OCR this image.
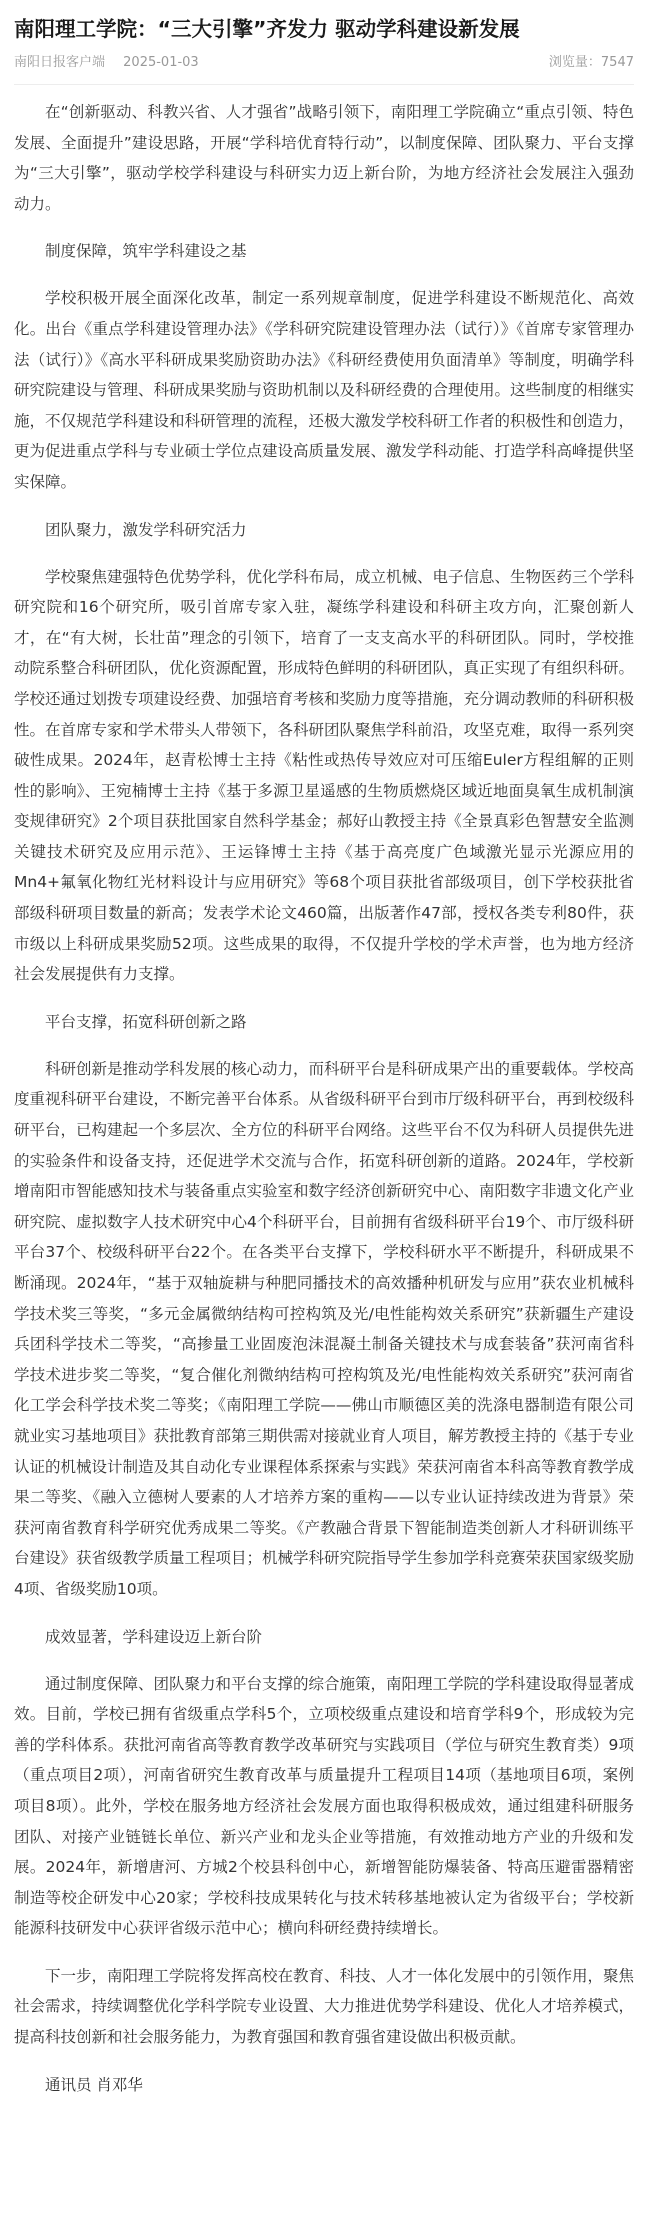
南阳理工学院：“三大引擎”齐发力 驱动学科建设新发展
南阳日报客户端 2025-01-03	浏览量：7547

在“创新驱动、科教兴省、人才强省”战略引领下，南阳理工学院确立“重点引领、特色发展、全面提升”建设思路，开展“学科培优育特行动”，以制度保障、团队聚力、平台支撑为“三大引擎”，驱动学校学科建设与科研实力迈上新台阶，为地方经济社会发展注入强劲动力。

制度保障，筑牢学科建设之基

学校积极开展全面深化改革，制定一系列规章制度，促进学科建设不断规范化、高效化。出台《重点学科建设管理办法》《学科研究院建设管理办法（试行）》《首席专家管理办法（试行）》《高水平科研成果奖励资助办法》《科研经费使用负面清单》等制度，明确学科研究院建设与管理、科研成果奖励与资助机制以及科研经费的合理使用。这些制度的相继实施，不仅规范学科建设和科研管理的流程，还极大激发学校科研工作者的积极性和创造力，更为促进重点学科与专业硕士学位点建设高质量发展、激发学科动能、打造学科高峰提供坚实保障。

团队聚力，激发学科研究活力

学校聚焦建强特色优势学科，优化学科布局，成立机械、电子信息、生物医药三个学科研究院和16个研究所，吸引首席专家入驻，凝练学科建设和科研主攻方向，汇聚创新人才，在“有大树，长壮苗”理念的引领下，培育了一支支高水平的科研团队。同时，学校推动院系整合科研团队，优化资源配置，形成特色鲜明的科研团队，真正实现了有组织科研。学校还通过划拨专项建设经费、加强培育考核和奖励力度等措施，充分调动教师的科研积极性。在首席专家和学术带头人带领下，各科研团队聚焦学科前沿，攻坚克难，取得一系列突破性成果。2024年，赵青松博士主持《粘性或热传导效应对可压缩Euler方程组解的正则性的影响》、王宛楠博士主持《基于多源卫星遥感的生物质燃烧区域近地面臭氧生成机制演变规律研究》2个项目获批国家自然科学基金；郝好山教授主持《全景真彩色智慧安全监测关键技术研究及应用示范》、王运锋博士主持《基于高亮度广色域激光显示光源应用的Mn4+氟氧化物红光材料设计与应用研究》等68个项目获批省部级项目，创下学校获批省部级科研项目数量的新高；发表学术论文460篇，出版著作47部，授权各类专利80件，获市级以上科研成果奖励52项。这些成果的取得，不仅提升学校的学术声誉，也为地方经济社会发展提供有力支撑。

平台支撑，拓宽科研创新之路

科研创新是推动学科发展的核心动力，而科研平台是科研成果产出的重要载体。学校高度重视科研平台建设，不断完善平台体系。从省级科研平台到市厅级科研平台，再到校级科研平台，已构建起一个多层次、全方位的科研平台网络。这些平台不仅为科研人员提供先进的实验条件和设备支持，还促进学术交流与合作，拓宽科研创新的道路。2024年，学校新增南阳市智能感知技术与装备重点实验室和数字经济创新研究中心、南阳数字非遗文化产业研究院、虚拟数字人技术研究中心4个科研平台，目前拥有省级科研平台19个、市厅级科研平台37个、校级科研平台22个。在各类平台支撑下，学校科研水平不断提升，科研成果不断涌现。2024年，“基于双轴旋耕与种肥同播技术的高效播种机研发与应用”获农业机械科学技术奖三等奖，“多元金属微纳结构可控构筑及光/电性能构效关系研究”获新疆生产建设兵团科学技术二等奖，“高掺量工业固废泡沫混凝土制备关键技术与成套装备”获河南省科学技术进步奖二等奖，“复合催化剂微纳结构可控构筑及光/电性能构效关系研究”获河南省化工学会科学技术奖二等奖；《南阳理工学院——佛山市顺德区美的洗涤电器制造有限公司就业实习基地项目》获批教育部第三期供需对接就业育人项目，解芳教授主持的《基于专业认证的机械设计制造及其自动化专业课程体系探索与实践》荣获河南省本科高等教育教学成果二等奖、《融入立德树人要素的人才培养方案的重构——以专业认证持续改进为背景》荣获河南省教育科学研究优秀成果二等奖。《产教融合背景下智能制造类创新人才科研训练平台建设》获省级教学质量工程项目；机械学科研究院指导学生参加学科竞赛荣获国家级奖励4项、省级奖励10项。

成效显著，学科建设迈上新台阶

通过制度保障、团队聚力和平台支撑的综合施策，南阳理工学院的学科建设取得显著成效。目前，学校已拥有省级重点学科5个，立项校级重点建设和培育学科9个，形成较为完善的学科体系。获批河南省高等教育教学改革研究与实践项目（学位与研究生教育类）9项（重点项目2项），河南省研究生教育改革与质量提升工程项目14项（基地项目6项，案例项目8项）。此外，学校在服务地方经济社会发展方面也取得积极成效，通过组建科研服务团队、对接产业链链长单位、新兴产业和龙头企业等措施，有效推动地方产业的升级和发展。2024年，新增唐河、方城2个校县科创中心，新增智能防爆装备、特高压避雷器精密制造等校企研发中心20家；学校科技成果转化与技术转移基地被认定为省级平台；学校新能源科技研发中心获评省级示范中心；横向科研经费持续增长。

下一步，南阳理工学院将发挥高校在教育、科技、人才一体化发展中的引领作用，聚焦社会需求，持续调整优化学科学院专业设置、大力推进优势学科建设、优化人才培养模式，提高科技创新和社会服务能力，为教育强国和教育强省建设做出积极贡献。

通讯员 肖邓华
